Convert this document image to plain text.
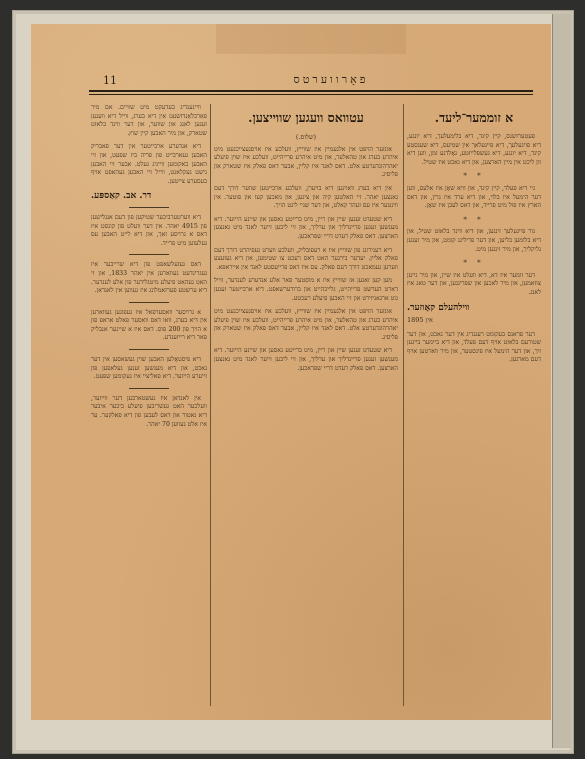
11	פאָרווערטס
א זוממער־ליעד.

פעטערזשנס, קיין קינד, דיא בלימעלעך, דיא יונגע, דיא פויגעלעך, דיא פייגעלאך אין שמיעס, דיא שענסטע קינד, דיא יונגע, דיא געשפּלייזטע, גאָלדנע זמן, ווען דיא זון ליכט אין מיין הארצען, און דיא נאכט איז שטיל.

* *

גיי דיא פעלד, קיין קינד, און וויא שאָן איז אלעס, ווען דער הימעל איז בלוי, און דיא ערד איז גרין, און דאס הארץ איז פול מיט פרייד, און דאס לעבן איז שאָן.

* *

נור פייגעלעך זינגען, און דיא ווינד בלאזט שטיל, און דיא בלומען בליען, און דער פרילינג קומט, און מיר זענען גליקליך, און מיר זינגען מיט.

* *

דער זומער איז דא, דיא וועלט איז שיין, און מיר גייען צוזאמען, און מיר לאכען און שפּרינגען, און דער טאג איז לאנג.

ווילהעלם קאָוזער.
אין 1895

דער פראנס בעקומט רעגנדיג אין דער נאכט, און דער שטורעם בלאזט אויף דעם פעלד, און דיא ביימער בייגען זיך, און דער הימעל איז פינסטער, און מיר ווארטען אויף דעם מארגען.

עטוואס וועגען שווייצען.
(שלוס.)

אונזער הויפּט אין אלגעמיין איז שווייץ, וועלכע איז אויסגעצייכנעט מיט איהרע בערג און טהאלער, און מיט איהרע פרייהייט, וועלכע איז שוין פיעלע יאהרהונדערטע אלט. דאס לאנד איז קליין, אבער דאס פאלק איז שטארק און פליסיג.

אין דיא בערג וואוינען דיא בויערן, וועלכע ארבייטען שווער דורך דעם גאנצען יאהר. זיי האלטען קיה און ציגען, און מאכען קעז און פוטער. אין ווינטער איז עס זעהר קאלט, און דער שניי ליגט הויך.

דיא שטעדט זענען שיין און ריין, מיט ברייטע גאסען און שיינע הייזער. דיא מענשען זענען פריינדליך און ערליך, און זיי ליבען זייער לאנד מיט גאנצען הארצען. דאס פאלק רעדט דריי שפראכען.

דיא רעגירונג פון שווייץ איז א רעפובליק, וועלכע ווערט געפיהרט דורך דעם פאלק אליין. יעדער בירגער האט דאס רעכט צו שטימען, און דיא געזעצע ווערען געמאכט דורך דעם פאלק. עס איז דאס פרייעסטע לאנד אין אייראפּא.

מען קען זאגען אז שווייץ איז א מוסטער פאר אלע אנדערע לענדער, ווייל דארט הערשט פרייהייט, גלייכהייט און ברודערשאפט. דיא ארבייטער זענען גוט ארגאניזירט און זיי האבען פיעלע רעכטע.

אונזער הויפּט אין אלגעמיין איז שווייץ, וועלכע איז אויסגעצייכנעט מיט איהרע בערג און טהאלער, און מיט איהרע פרייהייט, וועלכע איז שוין פיעלע יאהרהונדערטע אלט. דאס לאנד איז קליין, אבער דאס פאלק איז שטארק און פליסיג.

דיא שטעדט זענען שיין און ריין, מיט ברייטע גאסען און שיינע הייזער. דיא מענשען זענען פריינדליך און ערליך, און זיי ליבען זייער לאנד מיט גאנצען הארצען. דאס פאלק רעדט דריי שפראכען.

וויינענדיג בעדעקט מיט שוויים. אם מיר פאַרבלאַנדזשעט אין דיא בערג, ווייל דיא וועגען זענען לאנג און שווער, און דער ווינד בלאזט שטארק, און מיר האבען קיין שוץ.

דיא אנדערע ארבייטער אין דער פאבריק האבען געארבייט פון פריה ביז שפּעט, און זיי האבען באקומען ווייניג געלט. אבער זיי האבען נישט געקלאגט, ווייל זיי האבען געהאפט אויף בעסערע צייטען.

דר. אב. קאַספּע.

דיא ווערטערביכער שטיקען פון דעם אנגלישען פון 4915 יאהר. אין דער וועלט פון קונסט איז דאס א גרויסע זאך, און דיא לייט האבען עס געלעזען מיט פרייד.

דאס געזעלשאפט פון דיא שרייבער איז געגרינדעט געווארען אין יאהר 1833, און זי האט געהאט פיעלע מיטגלידער פון אלע לענדער. דיא ערשטע פערזאמלונג איז געווען אין לאנדאן.

א גרויסער וואסערפאל איז געפונען געווארען אין דיא בערג, וואו דאס וואסער פאלט אראפּ פון א הויך פון 200 פוס. דאס איז א שיינער אנבליק פאר דיא רייזענדע.

דיא פיסטאָלען האבען שוין געשאסען אין דער נאכט, און דיא מענשען זענען געלאפען פון זייערע הייזער. דיא פאליציי איז געקומען שפּעט.

אין לאנדאן איז געשטארבען דער ווייזער, וועלכער האט געשריבען פיעלע ביכער איבער דיא נאטור און דאס לעבען פון דיא פאלקער. ער איז אלט געווען 70 יאהר.
